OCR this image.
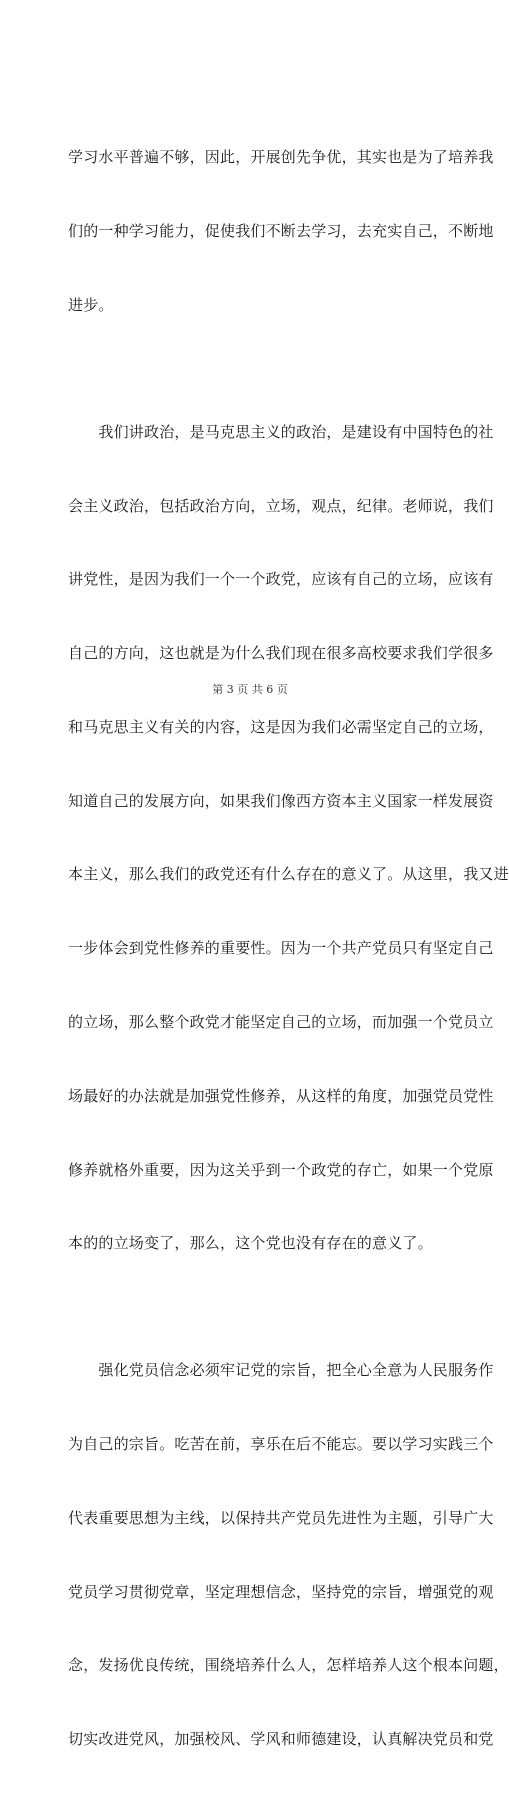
学习水平普遍不够，因此，开展创先争优，其实也是为了培养我

们的一种学习能力，促使我们不断去学习，去充实自己，不断地

进步。

　　我们讲政治，是马克思主义的政治，是建设有中国特色的社

会主义政治，包括政治方向，立场，观点，纪律。老师说，我们

讲党性，是因为我们一个一个政党，应该有自己的立场，应该有

自己的方向，这也就是为什么我们现在很多高校要求我们学很多

和马克思主义有关的内容，这是因为我们必需坚定自己的立场，

知道自己的发展方向，如果我们像西方资本主义国家一样发展资

本主义，那么我们的政党还有什么存在的意义了。从这里，我又进

一步体会到党性修养的重要性。因为一个共产党员只有坚定自己

的立场，那么整个政党才能坚定自己的立场，而加强一个党员立

场最好的办法就是加强党性修养，从这样的角度，加强党员党性

修养就格外重要，因为这关乎到一个政党的存亡，如果一个党原

本的的立场变了，那么，这个党也没有存在的意义了。

　　强化党员信念必须牢记党的宗旨，把全心全意为人民服务作

为自己的宗旨。吃苦在前，享乐在后不能忘。要以学习实践三个

代表重要思想为主线，以保持共产党员先进性为主题，引导广大

党员学习贯彻党章，坚定理想信念，坚持党的宗旨，增强党的观

念，发扬优良传统，围绕培养什么人，怎样培养人这个根本问题，

切实改进党风，加强校风、学风和师德建设，认真解决党员和党

第 3 页 共 6 页
